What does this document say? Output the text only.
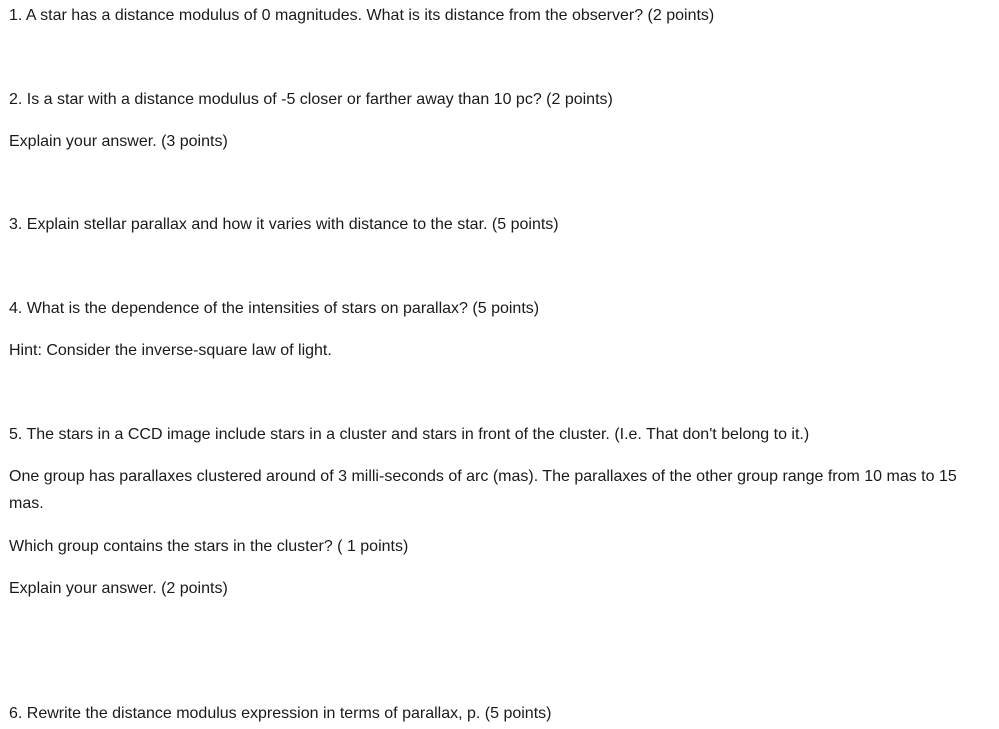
1. A star has a distance modulus of 0 magnitudes. What is its distance from the observer? (2 points)
2. Is a star with a distance modulus of -5 closer or farther away than 10 pc? (2 points)
Explain your answer. (3 points)
3. Explain stellar parallax and how it varies with distance to the star. (5 points)
4. What is the dependence of the intensities of stars on parallax? (5 points)
Hint: Consider the inverse-square law of light.
5. The stars in a CCD image include stars in a cluster and stars in front of the cluster. (I.e. That don't belong to it.)
One group has parallaxes clustered around of 3 milli-seconds of arc (mas). The parallaxes of the other group range from 10 mas to 15 mas.
Which group contains the stars in the cluster? ( 1 points)
Explain your answer. (2 points)
6. Rewrite the distance modulus expression in terms of parallax, p. (5 points)
